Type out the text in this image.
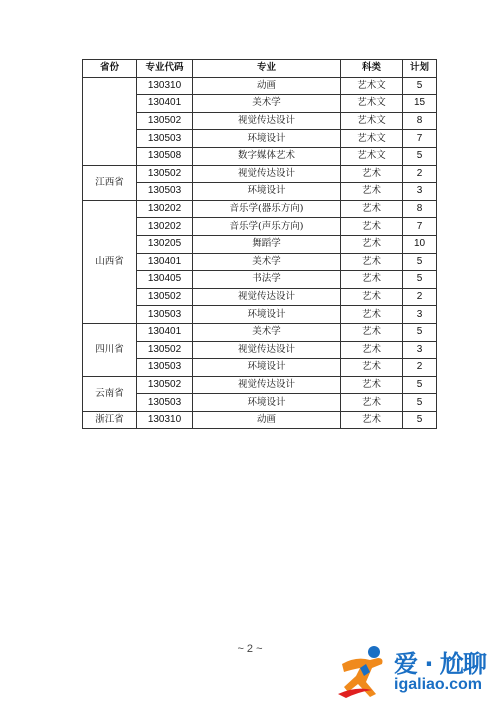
省份	专业代码	专业	科类	计划
	130310	动画	艺术文	5
	130401	美术学	艺术文	15
	130502	视觉传达设计	艺术文	8
	130503	环境设计	艺术文	7
	130508	数字媒体艺术	艺术文	5
江西省	130502	视觉传达设计	艺术	2
	130503	环境设计	艺术	3
山西省	130202	音乐学(器乐方向)	艺术	8
	130202	音乐学(声乐方向)	艺术	7
	130205	舞蹈学	艺术	10
	130401	美术学	艺术	5
	130405	书法学	艺术	5
	130502	视觉传达设计	艺术	2
	130503	环境设计	艺术	3
四川省	130401	美术学	艺术	5
	130502	视觉传达设计	艺术	3
	130503	环境设计	艺术	2
云南省	130502	视觉传达设计	艺术	5
	130503	环境设计	艺术	5
浙江省	130310	动画	艺术	5
~ 2 ~
爱 · 尬聊
igaliao.com
